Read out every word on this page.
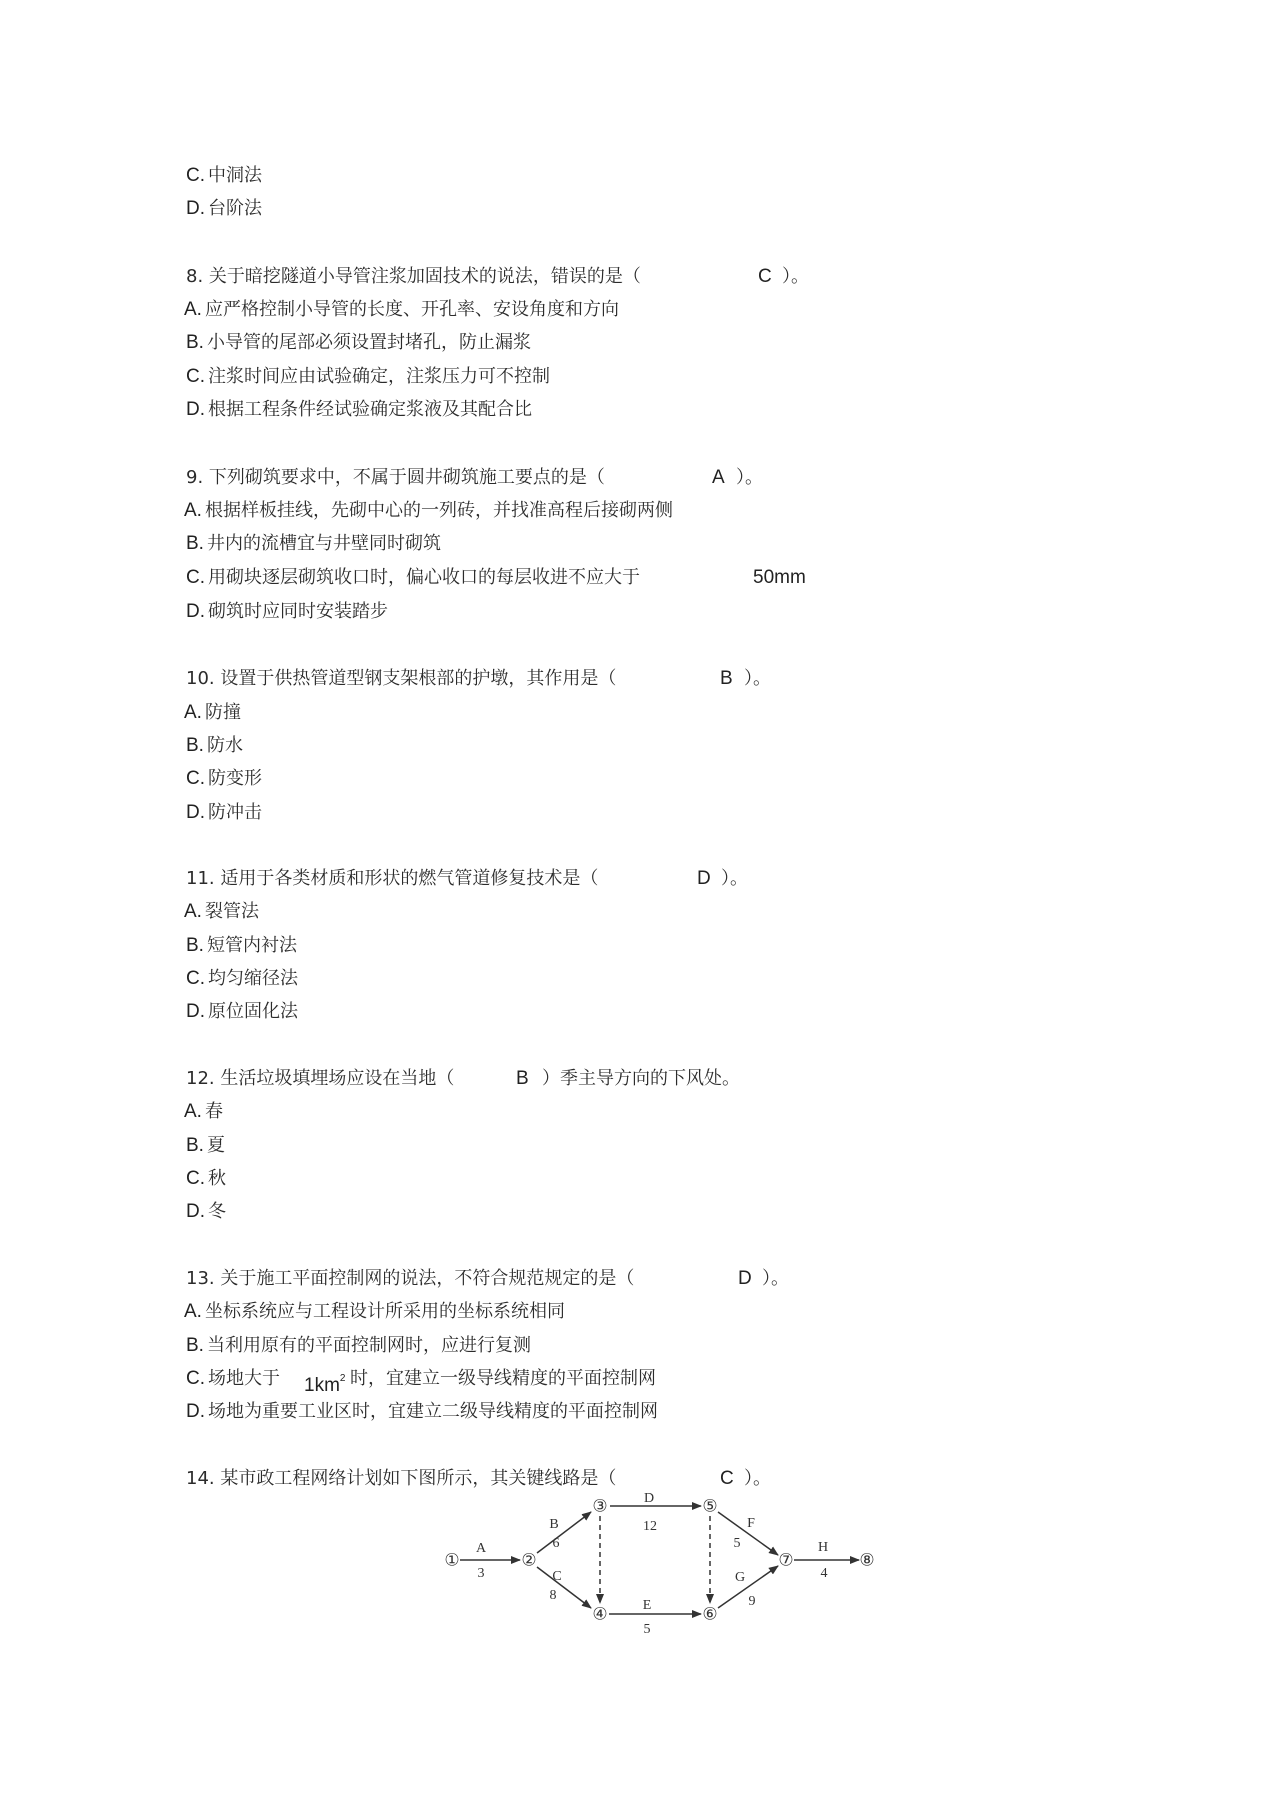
C. 中洞法
D. 台阶法
8. 关于暗挖隧道小导管注浆加固技术的说法，错误的是（	C ）。
A. 应严格控制小导管的长度、开孔率、安设角度和方向
B. 小导管的尾部必须设置封堵孔，防止漏浆
C. 注浆时间应由试验确定，注浆压力可不控制
D. 根据工程条件经试验确定浆液及其配合比
9. 下列砌筑要求中，不属于圆井砌筑施工要点的是（	A ）。
A. 根据样板挂线，先砌中心的一列砖，并找准高程后接砌两侧
B. 井内的流槽宜与井壁同时砌筑
C. 用砌块逐层砌筑收口时，偏心收口的每层收进不应大于	50mm
D. 砌筑时应同时安装踏步
10. 设置于供热管道型钢支架根部的护墩，其作用是（	B ）。
A. 防撞
B. 防水
C. 防变形
D. 防冲击
11. 适用于各类材质和形状的燃气管道修复技术是（	D ）。
A. 裂管法
B. 短管内衬法
C. 均匀缩径法
D. 原位固化法
12. 生活垃圾填埋场应设在当地（	B ）季主导方向的下风处。
A. 春
B. 夏
C. 秋
D. 冬
13. 关于施工平面控制网的说法，不符合规范规定的是（	D ）。
A. 坐标系统应与工程设计所采用的坐标系统相同
B. 当利用原有的平面控制网时，应进行复测
C. 场地大于 $1km^2$ 时，宜建立一级导线精度的平面控制网
D. 场地为重要工业区时，宜建立二级导线精度的平面控制网
14. 某市政工程网络计划如下图所示，其关键线路是（	C ）。
①	②
③
④
⑤
⑥
⑦	⑧
A
3
B
6
C
8
D
12
E
5
F
5
G
9
H
4
